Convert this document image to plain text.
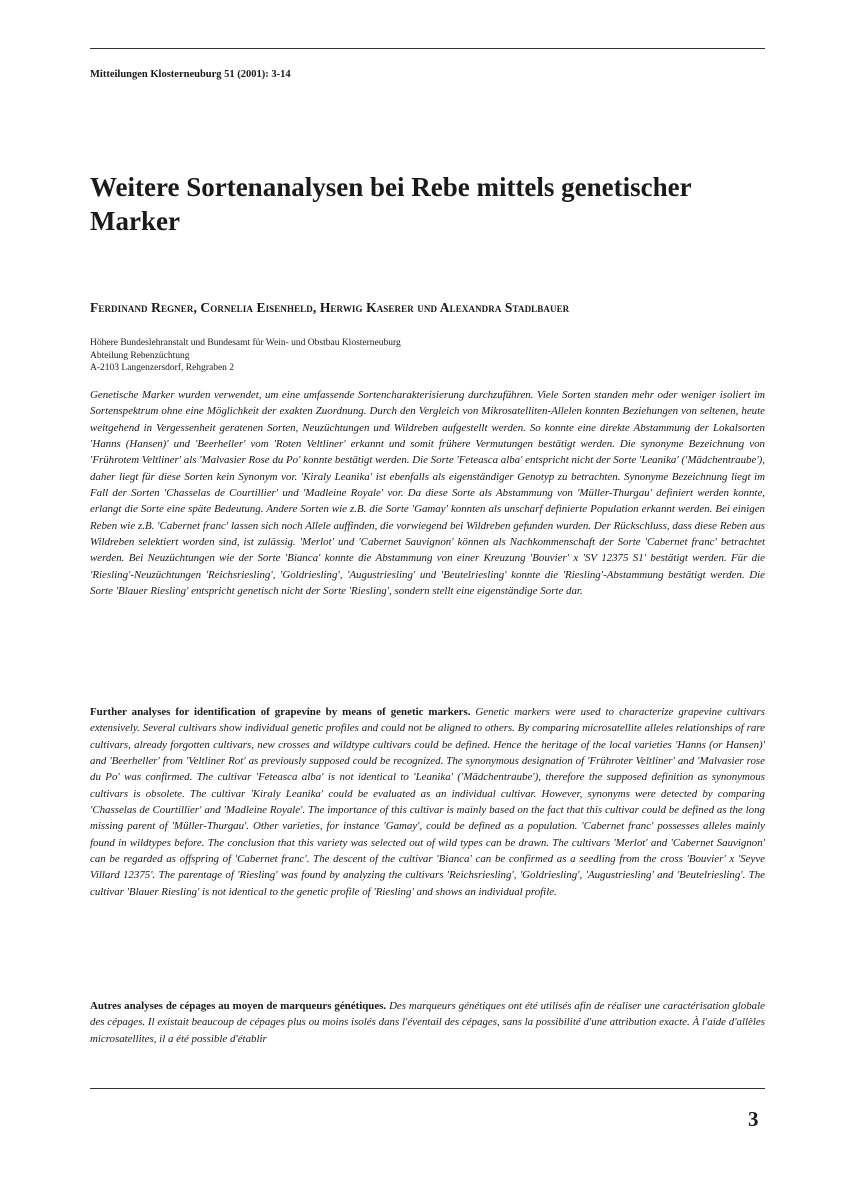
Mitteilungen Klosterneuburg 51 (2001): 3-14
Weitere Sortenanalysen bei Rebe mittels genetischer Marker
Ferdinand Regner, Cornelia Eisenheld, Herwig Kaserer und Alexandra Stadlbauer
Höhere Bundeslehranstalt und Bundesamt für Wein- und Obstbau Klosterneuburg
Abteilung Rebenzüchtung
A-2103 Langenzersdorf, Rehgraben 2

Genetische Marker wurden verwendet, um eine umfassende Sortencharakterisierung durchzuführen. Viele Sorten standen mehr oder weniger isoliert im Sortenspektrum ohne eine Möglichkeit der exakten Zuordnung. Durch den Vergleich von Mikrosatelliten-Allelen konnten Beziehungen von seltenen, heute weitgehend in Vergessenheit geratenen Sorten, Neuzüchtungen und Wildreben aufgestellt werden. So konnte eine direkte Abstammung der Lokalsorten 'Hanns (Hansen)' und 'Beerheller' vom 'Roten Veltliner' erkannt und somit frühere Vermutungen bestätigt werden. Die synonyme Bezeichnung von 'Frührotem Veltliner' als 'Malvasier Rose du Po' konnte bestätigt werden. Die Sorte 'Feteasca alba' entspricht nicht der Sorte 'Leanika' ('Mädchentraube'), daher liegt für diese Sorten kein Synonym vor. 'Kiraly Leanika' ist ebenfalls als eigenständiger Genotyp zu betrachten. Synonyme Bezeichnung liegt im Fall der Sorten 'Chasselas de Courtillier' und 'Madleine Royale' vor. Da diese Sorte als Abstammung von 'Müller-Thurgau' definiert werden konnte, erlangt die Sorte eine späte Bedeutung. Andere Sorten wie z.B. die Sorte 'Gamay' konnten als unscharf definierte Population erkannt werden. Bei einigen Reben wie z.B. 'Cabernet franc' lassen sich noch Allele auffinden, die vorwiegend bei Wildreben gefunden wurden. Der Rückschluss, dass diese Reben aus Wildreben selektiert worden sind, ist zulässig. 'Merlot' und 'Cabernet Sauvignon' können als Nachkommenschaft der Sorte 'Cabernet franc' betrachtet werden. Bei Neuzüchtungen wie der Sorte 'Bianca' konnte die Abstammung von einer Kreuzung 'Bouvier' x 'SV 12375 S1' bestätigt werden. Für die 'Riesling'-Neuzüchtungen 'Reichsriesling', 'Goldriesling', 'Augustriesling' und 'Beutelriesling' konnte die 'Riesling'-Abstammung bestätigt werden. Die Sorte 'Blauer Riesling' entspricht genetisch nicht der Sorte 'Riesling', sondern stellt eine eigenständige Sorte dar.

Further analyses for identification of grapevine by means of genetic markers. Genetic markers were used to characterize grapevine cultivars extensively. Several cultivars show individual genetic profiles and could not be aligned to others. By comparing microsatellite alleles relationships of rare cultivars, already forgotten cultivars, new crosses and wildtype cultivars could be defined. Hence the heritage of the local varieties 'Hanns (or Hansen)' and 'Beerheller' from 'Veltliner Rot' as previously supposed could be recognized. The synonymous designation of 'Frühroter Veltliner' and 'Malvasier rose du Po' was confirmed. The cultivar 'Feteasca alba' is not identical to 'Leanika' ('Mädchentraube'), therefore the supposed definition as synonymous cultivars is obsolete. The cultivar 'Kiraly Leanika' could be evaluated as an individual cultivar. However, synonyms were detected by comparing 'Chasselas de Courtillier' and 'Madleine Royale'. The importance of this cultivar is mainly based on the fact that this cultivar could be defined as the long missing parent of 'Müller-Thurgau'. Other varieties, for instance 'Gamay', could be defined as a population. 'Cabernet franc' possesses alleles mainly found in wildtypes before. The conclusion that this variety was selected out of wild types can be drawn. The cultivars 'Merlot' and 'Cabernet Sauvignon' can be regarded as offspring of 'Cabernet franc'. The descent of the cultivar 'Bianca' can be confirmed as a seedling from the cross 'Bouvier' x 'Seyve Villard 12375'. The parentage of 'Riesling' was found by analyzing the cultivars 'Reichsriesling', 'Goldriesling', 'Augustriesling' and 'Beutelriesling'. The cultivar 'Blauer Riesling' is not identical to the genetic profile of 'Riesling' and shows an individual profile.

Autres analyses de cépages au moyen de marqueurs génétiques. Des marqueurs génétiques ont été utilisés afin de réaliser une caractérisation globale des cépages. Il existait beaucoup de cépages plus ou moins isolés dans l'éventail des cépages, sans la possibilité d'une attribution exacte. À l'aide d'allèles microsatellites, il a été possible d'établir

3
